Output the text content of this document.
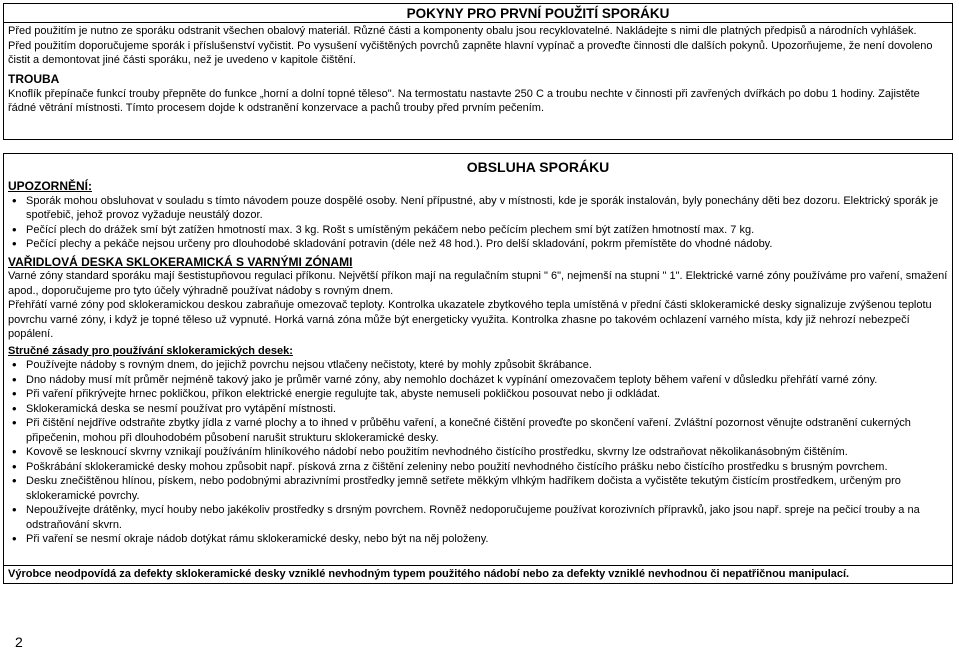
POKYNY PRO PRVNÍ POUŽITÍ SPORÁKU

Před použitím je nutno ze sporáku odstranit všechen obalový materiál. Různé části a komponenty obalu jsou recyklovatelné. Nakládejte s nimi dle platných předpisů a národních vyhlášek.

Před použitím doporučujeme sporák i příslušenství vyčistit. Po vysušení vyčištěných povrchů zapněte hlavní vypínač a proveďte činnosti dle dalších pokynů. Upozorňujeme, že není dovoleno čistit a demontovat jiné části sporáku, než je uvedeno v kapitole čištění.

TROUBA

Knoflík přepínače funkcí trouby přepněte do funkce „horní a dolní topné těleso". Na termostatu nastavte 250 C a troubu nechte v činnosti při zavřených dvířkách po dobu 1 hodiny. Zajistěte řádné větrání místnosti. Tímto procesem dojde k odstranění konzervace a pachů trouby před prvním pečením.

OBSLUHA SPORÁKU

UPOZORNĚNÍ:

• Sporák mohou obsluhovat v souladu s tímto návodem pouze dospělé osoby. Není přípustné, aby v místnosti, kde je sporák instalován, byly ponechány děti bez dozoru. Elektrický sporák je spotřebič, jehož provoz vyžaduje neustálý dozor.
• Pečící plech do drážek smí být zatížen hmotností max. 3 kg. Rošt s umístěným pekáčem nebo pečícím plechem smí být zatížen hmotností max. 7 kg.
• Pečící plechy a pekáče nejsou určeny pro dlouhodobé skladování potravin (déle než 48 hod.). Pro delší skladování, pokrm přemístěte do vhodné nádoby.

VAŘIDLOVÁ DESKA SKLOKERAMICKÁ S VARNÝMI ZÓNAMI

Varné zóny standard sporáku mají šestistupňovou regulaci příkonu. Největší příkon mají na regulačním stupni " 6", nejmenší na stupni " 1". Elektrické varné zóny používáme pro vaření, smažení apod., doporučujeme pro tyto účely výhradně používat nádoby s rovným dnem.

Přehřátí varné zóny pod sklokeramickou deskou zabraňuje omezovač teploty. Kontrolka ukazatele zbytkového tepla umístěná v přední části sklokeramické desky signalizuje zvýšenou teplotu povrchu varné zóny, i když je topné těleso už vypnuté. Horká varná zóna může být energeticky využita. Kontrolka zhasne po takovém ochlazení varného místa, kdy již nehrozí nebezpečí popálení.

Stručné zásady pro používání sklokeramických desek:

• Používejte nádoby s rovným dnem, do jejichž povrchu nejsou vtlačeny nečistoty, které by mohly způsobit škrábance.
• Dno nádoby musí mít průměr nejméně takový jako je průměr varné zóny, aby nemohlo docházet k vypínání omezovačem teploty během vaření v důsledku přehřátí varné zóny.
• Při vaření přikrývejte hrnec pokličkou, příkon elektrické energie regulujte tak, abyste nemuseli pokličkou posouvat nebo ji odkládat.
• Sklokeramická deska se nesmí používat pro vytápění místnosti.
• Při čištění nejdříve odstraňte zbytky jídla z varné plochy a to ihned v průběhu vaření, a konečné čištění proveďte po skončení vaření. Zvláštní pozornost věnujte odstranění cukerných připečenin, mohou při dlouhodobém působení narušit strukturu sklokeramické desky.
• Kovově se lesknoucí skvrny vznikají používáním hliníkového nádobí nebo použitím nevhodného čistícího prostředku, skvrny lze odstraňovat několikanásobným čištěním.
• Poškrábání sklokeramické desky mohou způsobit např. písková zrna z čištění zeleniny nebo použití nevhodného čistícího prášku nebo čistícího prostředku s brusným povrchem.
• Desku znečištěnou hlínou, pískem, nebo podobnými abrazivními prostředky jemně setřete měkkým vlhkým hadříkem dočista a vyčistěte tekutým čistícím prostředkem, určeným pro sklokeramické povrchy.
• Nepoužívejte drátěnky, mycí houby nebo jakékoliv prostředky s drsným povrchem. Rovněž nedoporučujeme používat korozivních přípravků, jako jsou např. spreje na pečicí trouby a na odstraňování skvrn.
• Při vaření se nesmí okraje nádob dotýkat rámu sklokeramické desky, nebo být na něj položeny.
Výrobce neodpovídá za defekty sklokeramické desky vzniklé nevhodným typem použitého nádobí nebo za defekty vzniklé nevhodnou či nepatřičnou manipulací.
2
